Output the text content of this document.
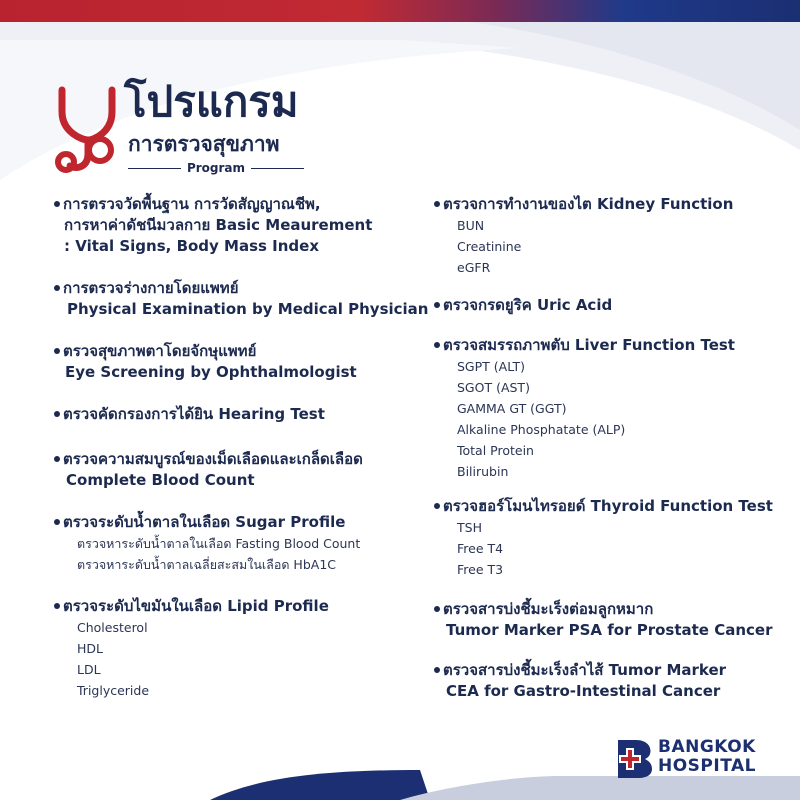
โปรแกรม
การตรวจสุขภาพ
Program
การตรวจวัดพื้นฐาน การวัดสัญญาณชีพ,
การหาค่าดัชนีมวลกาย Basic Meaurement
: Vital Signs, Body Mass Index
การตรวจร่างกายโดยแพทย์
Physical Examination by Medical Physician
ตรวจสุขภาพตาโดยจักษุแพทย์
Eye Screening by Ophthalmologist
ตรวจคัดกรองการได้ยิน Hearing Test
ตรวจความสมบูรณ์ของเม็ดเลือดและเกล็ดเลือด
Complete Blood Count
ตรวจระดับน้ำตาลในเลือด Sugar Profile
ตรวจหาระดับน้ำตาลในเลือด Fasting Blood Count
ตรวจหาระดับน้ำตาลเฉลี่ยสะสมในเลือด HbA1C
ตรวจระดับไขมันในเลือด Lipid Profile
Cholesterol
HDL
LDL
Triglyceride
ตรวจการทำงานของไต Kidney Function
BUN
Creatinine
eGFR
ตรวจกรดยูริค Uric Acid
ตรวจสมรรถภาพตับ Liver Function Test
SGPT (ALT)
SGOT (AST)
GAMMA GT (GGT)
Alkaline Phosphatate (ALP)
Total Protein
Bilirubin
ตรวจฮอร์โมนไทรอยด์ Thyroid Function Test
TSH
Free T4
Free T3
ตรวจสารบ่งชี้มะเร็งต่อมลูกหมาก
Tumor Marker PSA for Prostate Cancer
ตรวจสารบ่งชี้มะเร็งลำไส้ Tumor Marker
CEA for Gastro-Intestinal Cancer
BANGKOK
HOSPITAL
